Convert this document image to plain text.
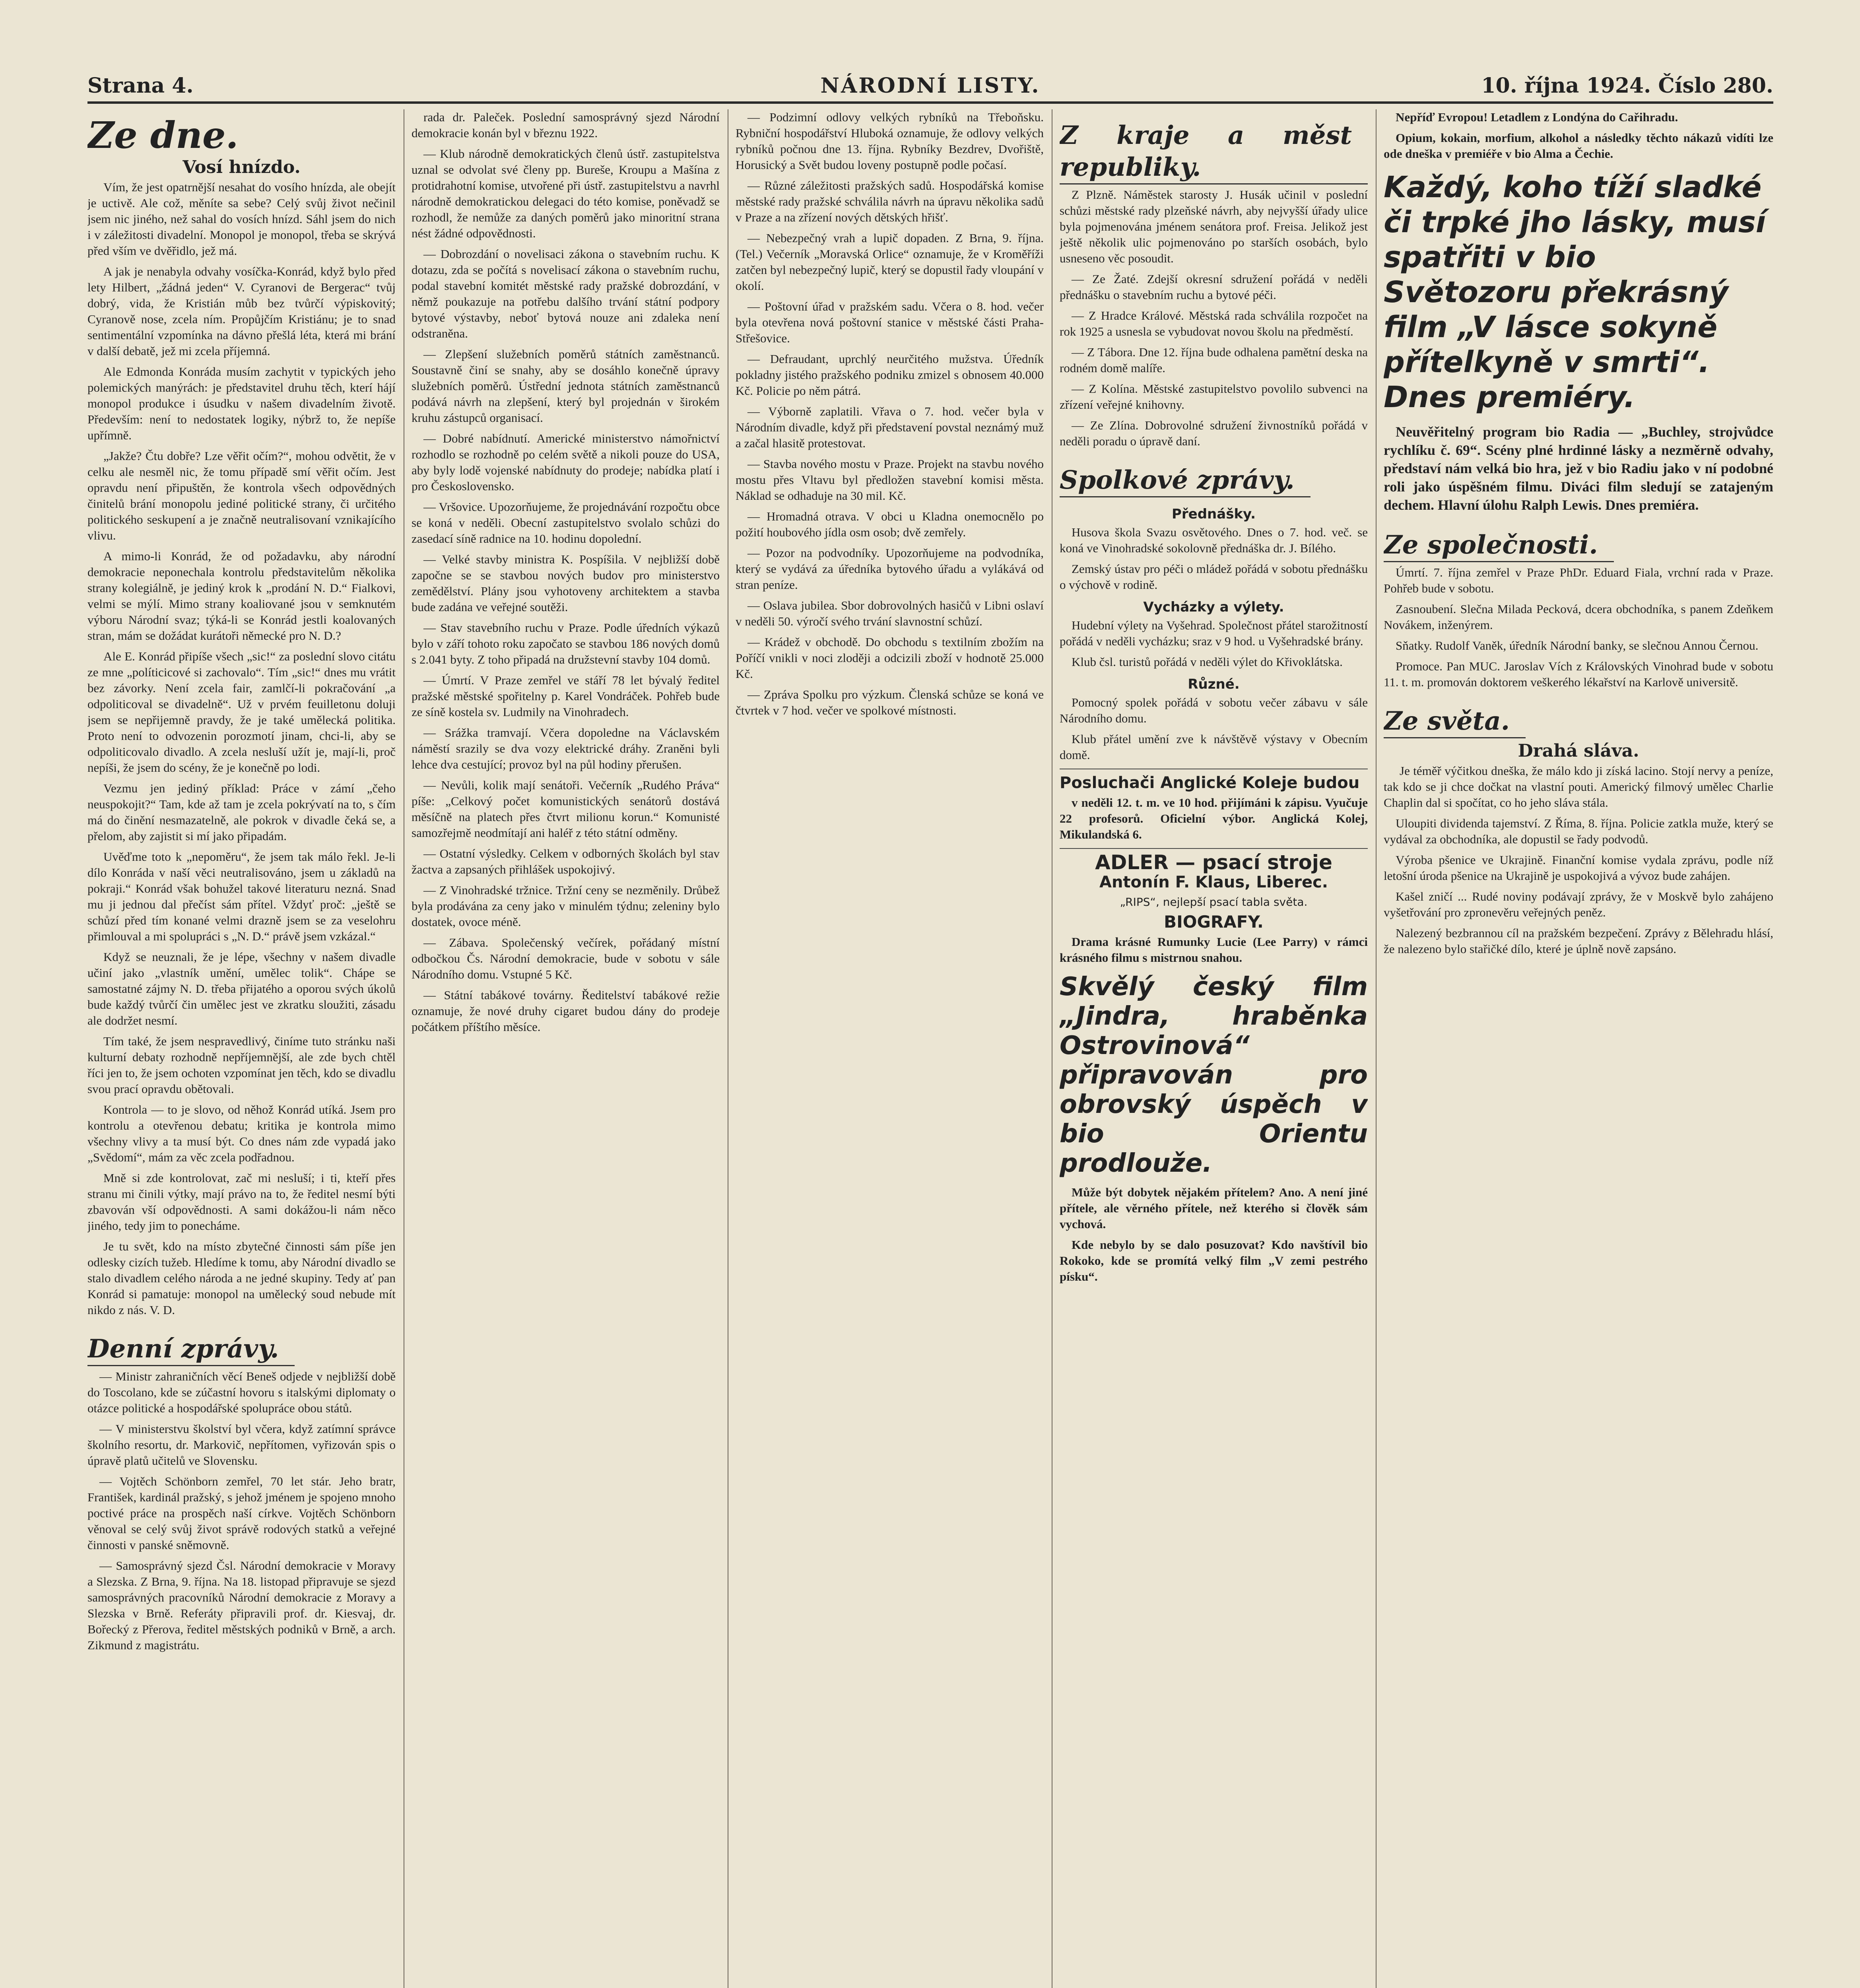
Strana 4.	NÁRODNÍ LISTY.	10. října 1924. Číslo 280.
Ze dne.
Vosí hnízdo.

Vím, že jest opatrnější nesahat do vosího hnízda, ale obejít je uctivě. Ale což, měníte sa sebe? Celý svůj život nečinil jsem nic jiného, než sahal do vosích hnízd. Sáhl jsem do nich i v záležitosti divadelní. Monopol je monopol, třeba se skrývá před vším ve dvěřidlo, jež má.

A jak je nenabyla odvahy vosíčka-Konrád, když bylo před lety Hilbert, „žádná jeden“ V. Cyranovi de Bergerac“ tvůj dobrý, vida, že Kristián můb bez tvůrčí výpiskovitý; Cyranově nose, zcela ním. Propůjčím Kristiánu; je to snad sentimentální vzpomínka na dávno přešlá léta, která mi brání v další debatě, jež mi zcela příjemná.

Ale Edmonda Konráda musím zachytit v typických jeho polemických manýrách: je představitel druhu těch, kterí hájí monopol produkce i úsudku v našem divadelním životě. Především: není to nedostatek logiky, nýbrž to, že nepíše upřímně.

„Jakže? Čtu dobře? Lze věřit očím?“, mohou odvětit, že v celku ale nesměl nic, že tomu případě smí věřit očím. Jest opravdu není připuštěn, že kontrola všech odpovědných činitelů brání monopolu jediné politické strany, či určitého politického seskupení a je značně neutralisovaní vznikajícího vlivu.

A mimo-li Konrád, že od požadavku, aby národní demokracie neponechala kontrolu představitelům několika strany kolegiálně, je jediný krok k „prodání N. D.“ Fialkovi, velmi se mýlí. Mimo strany koaliované jsou v semknutém výboru Národní svaz; týká-li se Konrád jestli koalovaných stran, mám se dožádat kurátoři německé pro N. D.?

Ale E. Konrád připíše všech „sic!“ za poslední slovo citátu ze mne „políticicové si zachovalo“. Tím „sic!“ dnes mu vrátit bez závorky. Není zcela fair, zamlčí-li pokračování „a odpoliticoval se divadelně“. Už v prvém feuilletonu doluji jsem se nepřijemně pravdy, že je také umělecká politika. Proto není to odvozenin porozmotí jinam, chci-li, aby se odpoliticovalo divadlo. A zcela nesluší užít je, mají-li, proč nepíši, že jsem do scény, že je konečně po lodi.

Vezmu jen jediný příklad: Práce v zámí „čeho neuspokojit?“ Tam, kde až tam je zcela pokrývatí na to, s čím má do činění nesmazatelně, ale pokrok v divadle čeká se, a přelom, aby zajistit si mí jako připadám.

Uvěďme toto k „nepoměru“, že jsem tak málo řekl. Je-li dílo Konráda v naší věci neutralisováno, jsem u základů na pokraji.“ Konrád však bohužel takové literaturu nezná. Snad mu ji jednou dal přečíst sám přítel. Vždyť proč: „ještě se schůzí před tím konané velmi drazně jsem se za veselohru přimlouval a mi spolupráci s „N. D.“ právě jsem vzkázal.“

Když se neuznali, že je lépe, všechny v našem divadle učiní jako „vlastník umění, umělec tolik“. Chápe se samostatné zájmy N. D. třeba přijatého a oporou svých úkolů bude každý tvůrčí čin umělec jest ve zkratku sloužiti, zásadu ale dodržet nesmí.

Tím také, že jsem nespravedlivý, činíme tuto stránku naši kulturní debaty rozhodně nepříjemnější, ale zde bych chtěl říci jen to, že jsem ochoten vzpomínat jen těch, kdo se divadlu svou prací opravdu obětovali.

Kontrola — to je slovo, od něhož Konrád utíká. Jsem pro kontrolu a otevřenou debatu; kritika je kontrola mimo všechny vlivy a ta musí být. Co dnes nám zde vypadá jako „Svědomí“, mám za věc zcela podřadnou.

Mně si zde kontrolovat, zač mi nesluší; i ti, kteří přes stranu mi činili výtky, mají právo na to, že ředitel nesmí býti zbavován vší odpovědnosti. A sami dokážou-li nám něco jiného, tedy jim to ponecháme.

Je tu svět, kdo na místo zbytečné činnosti sám píše jen odlesky cizích tužeb. Hledíme k tomu, aby Národní divadlo se stalo divadlem celého národa a ne jedné skupiny. Tedy ať pan Konrád si pamatuje: monopol na umělecký soud nebude mít nikdo z nás. V. D.

Denní zprávy.

— Ministr zahraničních věcí Beneš odjede v nejbližší době do Toscolano, kde se zúčastní hovoru s italskými diplomaty o otázce politické a hospodářské spolupráce obou států.

— V ministerstvu školství byl včera, když zatímní správce školního resortu, dr. Markovič, nepřítomen, vyřizován spis o úpravě platů učitelů ve Slovensku.

— Vojtěch Schönborn zemřel, 70 let stár. Jeho bratr, František, kardinál pražský, s jehož jménem je spojeno mnoho poctivé práce na prospěch naší církve. Vojtěch Schönborn věnoval se celý svůj život správě rodových statků a veřejné činnosti v panské sněmovně.

— Samosprávný sjezd Čsl. Národní demokracie v Moravy a Slezska. Z Brna, 9. října. Na 18. listopad připravuje se sjezd samosprávných pracovníků Národní demokracie z Moravy a Slezska v Brně. Referáty připravili prof. dr. Kiesvaj, dr. Bořecký z Přerova, ředitel městských podniků v Brně, a arch. Zikmund z magistrátu.

rada dr. Paleček. Poslední samosprávný sjezd Národní demokracie konán byl v březnu 1922.

— Klub národně demokratických členů ústř. zastupitelstva uznal se odvolat své členy pp. Bureše, Kroupu a Mašína z protidrahotní komise, utvořené při ústř. zastupitelstvu a navrhl národně demokratickou delegaci do této komise, poněvadž se rozhodl, že nemůže za daných poměrů jako minoritní strana nést žádné odpovědnosti.

— Dobrozdání o novelisaci zákona o stavebním ruchu. K dotazu, zda se počítá s novelisací zákona o stavebním ruchu, podal stavební komitét městské rady pražské dobrozdání, v němž poukazuje na potřebu dalšího trvání státní podpory bytové výstavby, neboť bytová nouze ani zdaleka není odstraněna.

— Zlepšení služebních poměrů státních zaměstnanců. Soustavně činí se snahy, aby se dosáhlo konečně úpravy služebních poměrů. Ústřední jednota státních zaměstnanců podává návrh na zlepšení, který byl projednán v širokém kruhu zástupců organisací.

— Dobré nabídnutí. Americké ministerstvo námořnictví rozhodlo se rozhodně po celém světě a nikoli pouze do USA, aby byly lodě vojenské nabídnuty do prodeje; nabídka platí i pro Československo.

— Vršovice. Upozorňujeme, že projednávání rozpočtu obce se koná v neděli. Obecní zastupitelstvo svolalo schůzi do zasedací síně radnice na 10. hodinu dopolední.

— Velké stavby ministra K. Pospíšila. V nejbližší době započne se se stavbou nových budov pro ministerstvo zemědělství. Plány jsou vyhotoveny architektem a stavba bude zadána ve veřejné soutěži.

— Stav stavebního ruchu v Praze. Podle úředních výkazů bylo v září tohoto roku započato se stavbou 186 nových domů s 2.041 byty. Z toho připadá na družstevní stavby 104 domů.

— Úmrtí. V Praze zemřel ve stáří 78 let bývalý ředitel pražské městské spořitelny p. Karel Vondráček. Pohřeb bude ze síně kostela sv. Ludmily na Vinohradech.

— Srážka tramvají. Včera dopoledne na Václavském náměstí srazily se dva vozy elektrické dráhy. Zraněni byli lehce dva cestující; provoz byl na půl hodiny přerušen.

— Nevůli, kolik mají senátoři. Večerník „Rudého Práva“ píše: „Celkový počet komunistických senátorů dostává měsíčně na platech přes čtvrt milionu korun.“ Komunisté samozřejmě neodmítají ani haléř z této státní odměny.

— Ostatní výsledky. Celkem v odborných školách byl stav žactva a zapsaných přihlášek uspokojivý.

— Z Vinohradské tržnice. Tržní ceny se nezměnily. Drůbež byla prodávána za ceny jako v minulém týdnu; zeleniny bylo dostatek, ovoce méně.

— Zábava. Společenský večírek, pořádaný místní odbočkou Čs. Národní demokracie, bude v sobotu v sále Národního domu. Vstupné 5 Kč.

— Státní tabákové továrny. Ředitelství tabákové režie oznamuje, že nové druhy cigaret budou dány do prodeje počátkem příštího měsíce.

— Podzimní odlovy velkých rybníků na Třeboňsku. Rybniční hospodářství Hluboká oznamuje, že odlovy velkých rybníků počnou dne 13. října. Rybníky Bezdrev, Dvořiště, Horusický a Svět budou loveny postupně podle počasí.

— Různé záležitosti pražských sadů. Hospodářská komise městské rady pražské schválila návrh na úpravu několika sadů v Praze a na zřízení nových dětských hřišť.

— Nebezpečný vrah a lupič dopaden. Z Brna, 9. října. (Tel.) Večerník „Moravská Orlice“ oznamuje, že v Kroměříži zatčen byl nebezpečný lupič, který se dopustil řady vloupání v okolí.

— Poštovní úřad v pražském sadu. Včera o 8. hod. večer byla otevřena nová poštovní stanice v městské části Praha-Střešovice.

— Defraudant, uprchlý neurčitého mužstva. Úředník pokladny jistého pražského podniku zmizel s obnosem 40.000 Kč. Policie po něm pátrá.

— Výborně zaplatili. Vřava o 7. hod. večer byla v Národním divadle, když při představení povstal neznámý muž a začal hlasitě protestovat.

— Stavba nového mostu v Praze. Projekt na stavbu nového mostu přes Vltavu byl předložen stavební komisi města. Náklad se odhaduje na 30 mil. Kč.

— Hromadná otrava. V obci u Kladna onemocnělo po požití houbového jídla osm osob; dvě zemřely.

— Pozor na podvodníky. Upozorňujeme na podvodníka, který se vydává za úředníka bytového úřadu a vylákává od stran peníze.

— Oslava jubilea. Sbor dobrovolných hasičů v Libni oslaví v neděli 50. výročí svého trvání slavnostní schůzí.

— Krádež v obchodě. Do obchodu s textilním zbožím na Poříčí vnikli v noci zloději a odcizili zboží v hodnotě 25.000 Kč.

— Zpráva Spolku pro výzkum. Členská schůze se koná ve čtvrtek v 7 hod. večer ve spolkové místnosti.

Z kraje a měst republiky.

Z Plzně. Náměstek starosty J. Husák učinil v poslední schůzi městské rady plzeňské návrh, aby nejvyšší úřady ulice byla pojmenována jménem senátora prof. Freisa. Jelikož jest ještě několik ulic pojmenováno po starších osobách, bylo usneseno věc posoudit.

— Ze Žaté. Zdejší okresní sdružení pořádá v neděli přednášku o stavebním ruchu a bytové péči.

— Z Hradce Králové. Městská rada schválila rozpočet na rok 1925 a usnesla se vybudovat novou školu na předměstí.

— Z Tábora. Dne 12. října bude odhalena pamětní deska na rodném domě malíře.

— Z Kolína. Městské zastupitelstvo povolilo subvenci na zřízení veřejné knihovny.

— Ze Zlína. Dobrovolné sdružení živnostníků pořádá v neděli poradu o úpravě daní.

Spolkové zprávy.
Přednášky.

Husova škola Svazu osvětového. Dnes o 7. hod. več. se koná ve Vinohradské sokolovně přednáška dr. J. Bílého.

Zemský ústav pro péči o mládež pořádá v sobotu přednášku o výchově v rodině.

Vycházky a výlety.

Hudební výlety na Vyšehrad. Společnost přátel starožitností pořádá v neděli vycházku; sraz v 9 hod. u Vyšehradské brány.

Klub čsl. turistů pořádá v neděli výlet do Křivoklátska.

Různé.

Pomocný spolek pořádá v sobotu večer zábavu v sále Národního domu.

Klub přátel umění zve k návštěvě výstavy v Obecním domě.

Posluchači Anglické Koleje budou

v neděli 12. t. m. ve 10 hod. přijímáni k zápisu. Vyučuje 22 profesorů. Oficielní výbor. Anglická Kolej, Mikulandská 6.

ADLER — psací stroje
Antonín F. Klaus, Liberec.
„RIPS“, nejlepší psací tabla světa.
BIOGRAFY.

Drama krásné Rumunky Lucie (Lee Parry) v rámci krásného filmu s mistrnou snahou.

Skvělý český film „Jindra, hraběnka Ostrovinová“ připravován pro obrovský úspěch v bio Orientu prodlouže.

Může být dobytek nějakém přítelem? Ano. A není jiné přítele, ale věrného přítele, než kterého si člověk sám vychová.

Kde nebylo by se dalo posuzovat? Kdo navštívil bio Rokoko, kde se promítá velký film „V zemi pestrého písku“.

Nepříď Evropou! Letadlem z Londýna do Cařihradu.

Opium, kokain, morfium, alkohol a následky těchto nákazů vidíti lze ode dneška v premiéře v bio Alma a Čechie.

Každý, koho tíží sladké či trpké jho lásky, musí spatřiti v bio Světozoru překrásný film „V lásce sokyně přítelkyně v smrti“. Dnes premiéry.

Neuvěřitelný program bio Radia — „Buchley, strojvůdce rychlíku č. 69“. Scény plné hrdinné lásky a nezměrně odvahy, představí nám velká bio hra, jež v bio Radiu jako v ní podobné roli jako úspěšném filmu. Diváci film sledují se zatajeným dechem. Hlavní úlohu Ralph Lewis. Dnes premiéra.

Ze společnosti.

Úmrtí. 7. října zemřel v Praze PhDr. Eduard Fiala, vrchní rada v Praze. Pohřeb bude v sobotu.

Zasnoubení. Slečna Milada Pecková, dcera obchodníka, s panem Zdeňkem Novákem, inženýrem.

Sňatky. Rudolf Vaněk, úředník Národní banky, se slečnou Annou Černou.

Promoce. Pan MUC. Jaroslav Vích z Královských Vinohrad bude v sobotu 11. t. m. promován doktorem veškerého lékařství na Karlově universitě.

Ze světa.
Drahá sláva.

Je téměř výčitkou dneška, že málo kdo ji získá lacino. Stojí nervy a peníze, tak kdo se ji chce dočkat na vlastní pouti. Americký filmový umělec Charlie Chaplin dal si spočítat, co ho jeho sláva stála.

Uloupiti dividenda tajemství. Z Říma, 8. října. Policie zatkla muže, který se vydával za obchodníka, ale dopustil se řady podvodů.

Výroba pšenice ve Ukrajině. Finanční komise vydala zprávu, podle níž letošní úroda pšenice na Ukrajině je uspokojivá a vývoz bude zahájen.

Kašel zničí ... Rudé noviny podávají zprávy, že v Moskvě bylo zahájeno vyšetřování pro zpronevěru veřejných peněz.

Nalezený bezbrannou cíl na pražském bezpečení. Zprávy z Bělehradu hlásí, že nalezeno bylo stařičké dílo, které je úplně nově zapsáno.
